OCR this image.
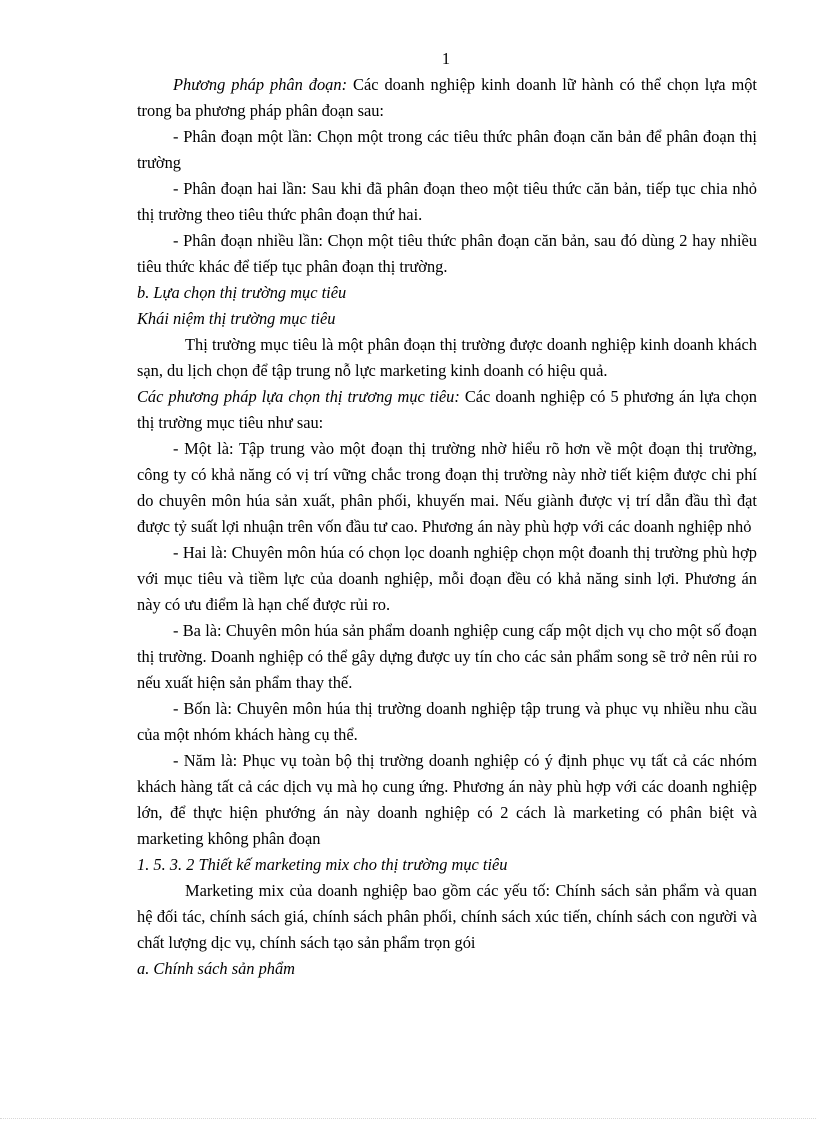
1

Phương pháp phân đoạn: Các doanh nghiệp kinh doanh lữ hành có thể chọn lựa một trong ba phương pháp phân đoạn sau:

- Phân đoạn một lần: Chọn một trong các tiêu thức phân đoạn căn bản để phân đoạn thị trường

- Phân đoạn hai lần: Sau khi đã phân đoạn theo một tiêu thức căn bản, tiếp tục chia nhỏ thị trường theo tiêu thức phân đoạn thứ hai.

- Phân đoạn nhiều lần: Chọn một tiêu thức phân đoạn căn bản, sau đó dùng 2 hay nhiều tiêu thức khác để tiếp tục phân đoạn thị trường.

b. Lựa chọn thị trường mục tiêu

Khái niệm thị trường mục tiêu

Thị trường mục tiêu là một phân đoạn thị trường được doanh nghiệp kinh doanh khách sạn, du lịch chọn để tập trung nỗ lực marketing kinh doanh có hiệu quả.

Các phương pháp lựa chọn thị trương mục tiêu: Các doanh nghiệp có 5 phương án lựa chọn thị trường mục tiêu như sau:

- Một là: Tập trung vào một đoạn thị trường nhờ hiểu rõ hơn về một đoạn thị trường, công ty có khả năng có vị trí vững chắc trong đoạn thị trường này nhờ tiết kiệm được chi phí do chuyên môn húa sản xuất, phân phối, khuyến mai. Nếu giành được vị trí dẫn đầu thì đạt được tỷ suất lợi nhuận trên vốn đầu tư cao. Phương án này phù hợp với các doanh nghiệp nhỏ

- Hai là: Chuyên môn húa có chọn lọc doanh nghiệp chọn một đoanh thị trường phù hợp với mục tiêu và tiềm lực của doanh nghiệp, mỗi đoạn đều có khả năng sinh lợi. Phương án này có ưu điểm là hạn chế được rủi ro.

- Ba là: Chuyên môn húa sản phẩm doanh nghiệp cung cấp một dịch vụ cho một số đoạn thị trường. Doanh nghiệp có thể gây dựng được uy tín cho các sản phẩm song sẽ trở nên rủi ro nếu xuất hiện sản phẩm thay thế.

- Bốn là: Chuyên môn húa thị trường doanh nghiệp tập trung và phục vụ nhiều nhu cầu của một nhóm khách hàng cụ thể.

- Năm là: Phục vụ toàn bộ thị trường doanh nghiệp có ý định phục vụ tất cả các nhóm khách hàng tất cả các dịch vụ mà họ cung ứng. Phương án này phù hợp với các doanh nghiệp lớn, để thực hiện phướng án này doanh nghiệp có 2 cách là marketing có phân biệt và marketing không phân đoạn

1. 5. 3. 2 Thiết kế marketing mix cho thị trường mục tiêu

Marketing mix của doanh nghiệp bao gồm các yếu tố: Chính sách sản phẩm và quan hệ đối tác, chính sách giá, chính sách phân phối, chính sách xúc tiến, chính sách con người và chất lượng dịc vụ, chính sách tạo sản phẩm trọn gói

a. Chính sách sản phẩm
